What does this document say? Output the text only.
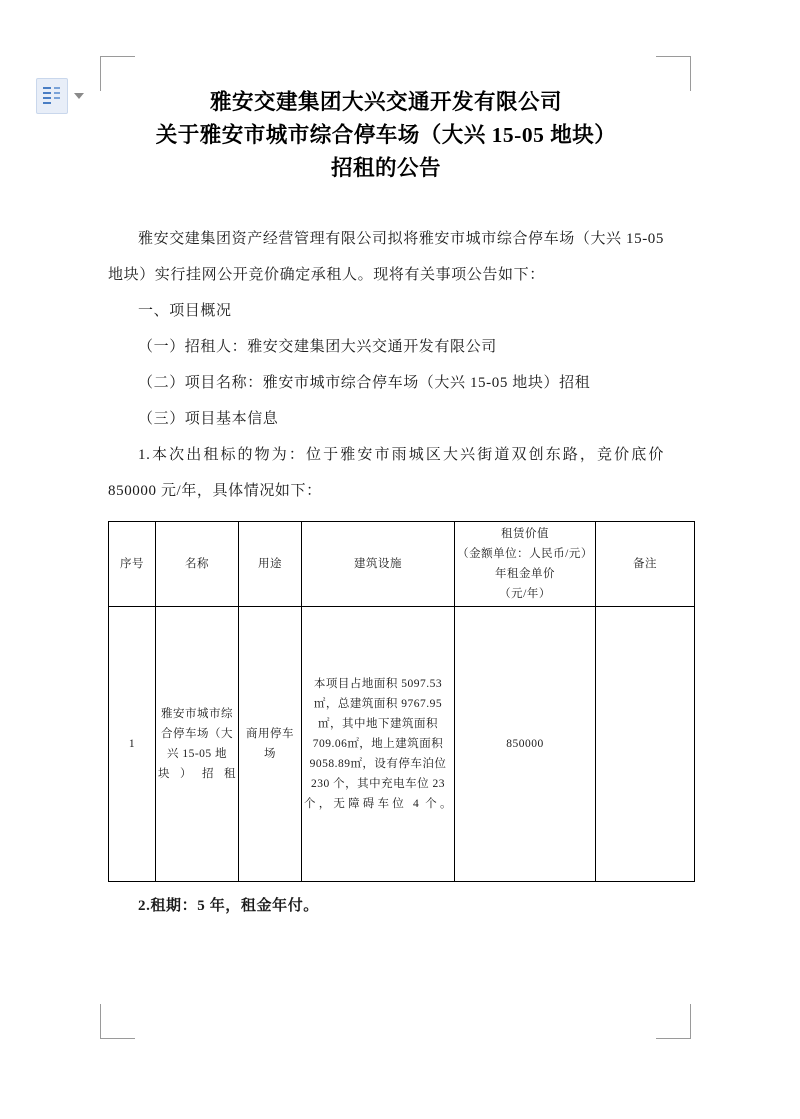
雅安交建集团大兴交通开发有限公司
关于雅安市城市综合停车场（大兴 15-05 地块）
招租的公告

雅安交建集团资产经营管理有限公司拟将雅安市城市综合停车场（大兴 15-05 地块）实行挂网公开竞价确定承租人。现将有关事项公告如下：

一、项目概况

（一）招租人：雅安交建集团大兴交通开发有限公司

（二）项目名称：雅安市城市综合停车场（大兴 15-05 地块）招租

（三）项目基本信息

1.本次出租标的物为：位于雅安市雨城区大兴街道双创东路，竞价底价 850000 元/年，具体情况如下：

序号	名称	用途	建筑设施	租赁价值
（金额单位：人民币/元）
年租金单价
（元/年）	备注
1	雅安市城市综合停车场（大兴 15-05 地块）招租	商用停车场	本项目占地面积 5097.53㎡，总建筑面积 9767.95㎡，其中地下建筑面积 709.06㎡，地上建筑面积 9058.89㎡，设有停车泊位 230 个，其中充电车位 23 个，无障碍车位 4 个。	850000	

2.租期：5 年，租金年付。
